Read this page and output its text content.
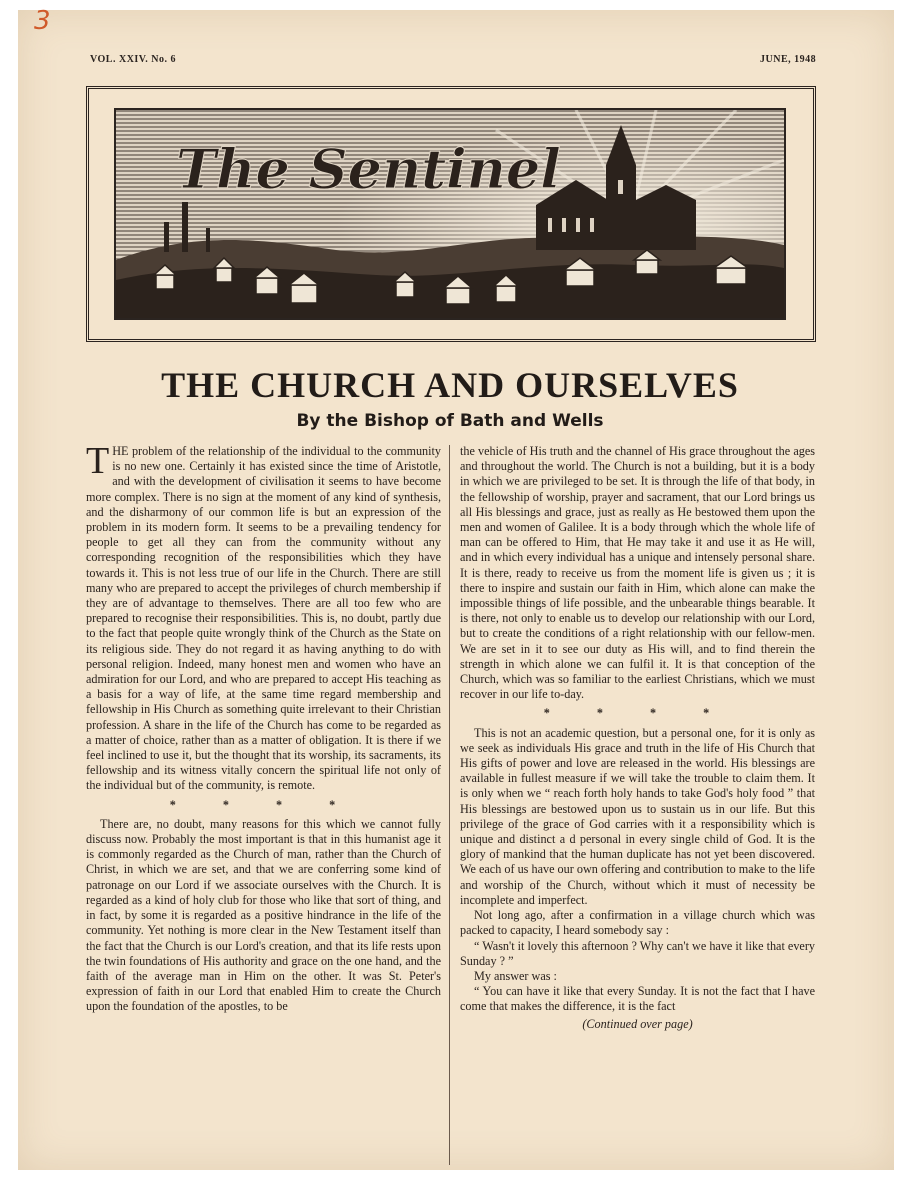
3
VOL. XXIV. No. 6	JUNE, 1948
The Sentinel
THE CHURCH AND OURSELVES
By the Bishop of Bath and Wells

THE problem of the relationship of the individual to the community is no new one. Certainly it has existed since the time of Aristotle, and with the development of civilisation it seems to have become more complex. There is no sign at the moment of any kind of synthesis, and the disharmony of our common life is but an expression of the problem in its modern form. It seems to be a prevailing tendency for people to get all they can from the community without any corresponding recognition of the responsibilities which they have towards it. This is not less true of our life in the Church. There are still many who are prepared to accept the privileges of church membership if they are of advantage to themselves. There are all too few who are prepared to recognise their responsibilities. This is, no doubt, partly due to the fact that people quite wrongly think of the Church as the State on its religious side. They do not regard it as having anything to do with personal religion. Indeed, many honest men and women who have an admiration for our Lord, and who are prepared to accept His teaching as a basis for a way of life, at the same time regard membership and fellowship in His Church as something quite irrelevant to their Christian profession. A share in the life of the Church has come to be regarded as a matter of choice, rather than as a matter of obligation. It is there if we feel inclined to use it, but the thought that its worship, its sacraments, its fellowship and its witness vitally concern the spiritual life not only of the individual but of the community, is remote.

* * * *

There are, no doubt, many reasons for this which we cannot fully discuss now. Probably the most important is that in this humanist age it is commonly regarded as the Church of man, rather than the Church of Christ, in which we are set, and that we are conferring some kind of patronage on our Lord if we associate ourselves with the Church. It is regarded as a kind of holy club for those who like that sort of thing, and in fact, by some it is regarded as a positive hindrance in the life of the community. Yet nothing is more clear in the New Testament itself than the fact that the Church is our Lord's creation, and that its life rests upon the twin foundations of His authority and grace on the one hand, and the faith of the average man in Him on the other. It was St. Peter's expression of faith in our Lord that enabled Him to create the Church upon the foundation of the apostles, to be

the vehicle of His truth and the channel of His grace throughout the ages and throughout the world. The Church is not a building, but it is a body in which we are privileged to be set. It is through the life of that body, in the fellowship of worship, prayer and sacrament, that our Lord brings us all His blessings and grace, just as really as He bestowed them upon the men and women of Galilee. It is a body through which the whole life of man can be offered to Him, that He may take it and use it as He will, and in which every individual has a unique and intensely personal share. It is there, ready to receive us from the moment life is given us ; it is there to inspire and sustain our faith in Him, which alone can make the impossible things of life possible, and the unbearable things bearable. It is there, not only to enable us to develop our relationship with our Lord, but to create the conditions of a right relationship with our fellow-men. We are set in it to see our duty as His will, and to find therein the strength in which alone we can fulfil it. It is that conception of the Church, which was so familiar to the earliest Christians, which we must recover in our life to-day.

* * * *

This is not an academic question, but a personal one, for it is only as we seek as individuals His grace and truth in the life of His Church that His gifts of power and love are released in the world. His blessings are available in fullest measure if we will take the trouble to claim them. It is only when we “ reach forth holy hands to take God's holy food ” that His blessings are bestowed upon us to sustain us in our life. But this privilege of the grace of God carries with it a responsibility which is unique and distinct a d personal in every single child of God. It is the glory of mankind that the human duplicate has not yet been discovered. We each of us have our own offering and contribution to make to the life and worship of the Church, without which it must of necessity be incomplete and imperfect.

Not long ago, after a confirmation in a village church which was packed to capacity, I heard somebody say :

“ Wasn't it lovely this afternoon ? Why can't we have it like that every Sunday ? ”

My answer was :

“ You can have it like that every Sunday. It is not the fact that I have come that makes the difference, it is the fact

(Continued over page)
